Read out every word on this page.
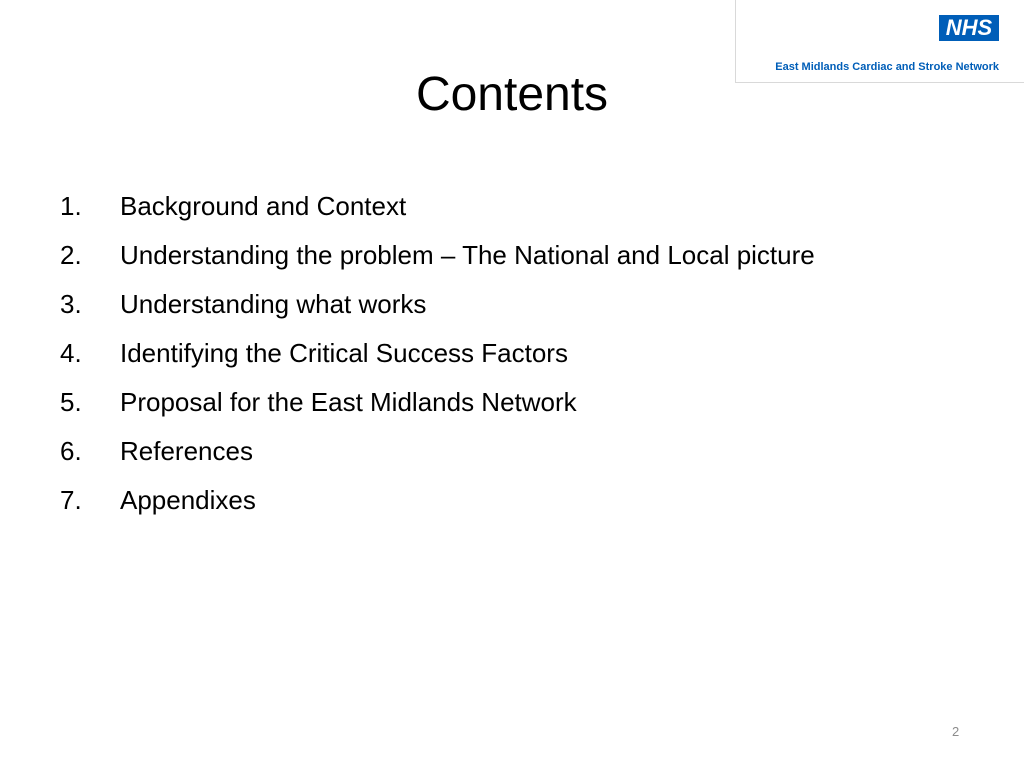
NHS
East Midlands Cardiac and Stroke Network
Contents
1. Background and Context
2. Understanding the problem – The National and Local picture
3. Understanding what works
4. Identifying the Critical Success Factors
5. Proposal for the East Midlands Network
6. References
7. Appendixes
2
